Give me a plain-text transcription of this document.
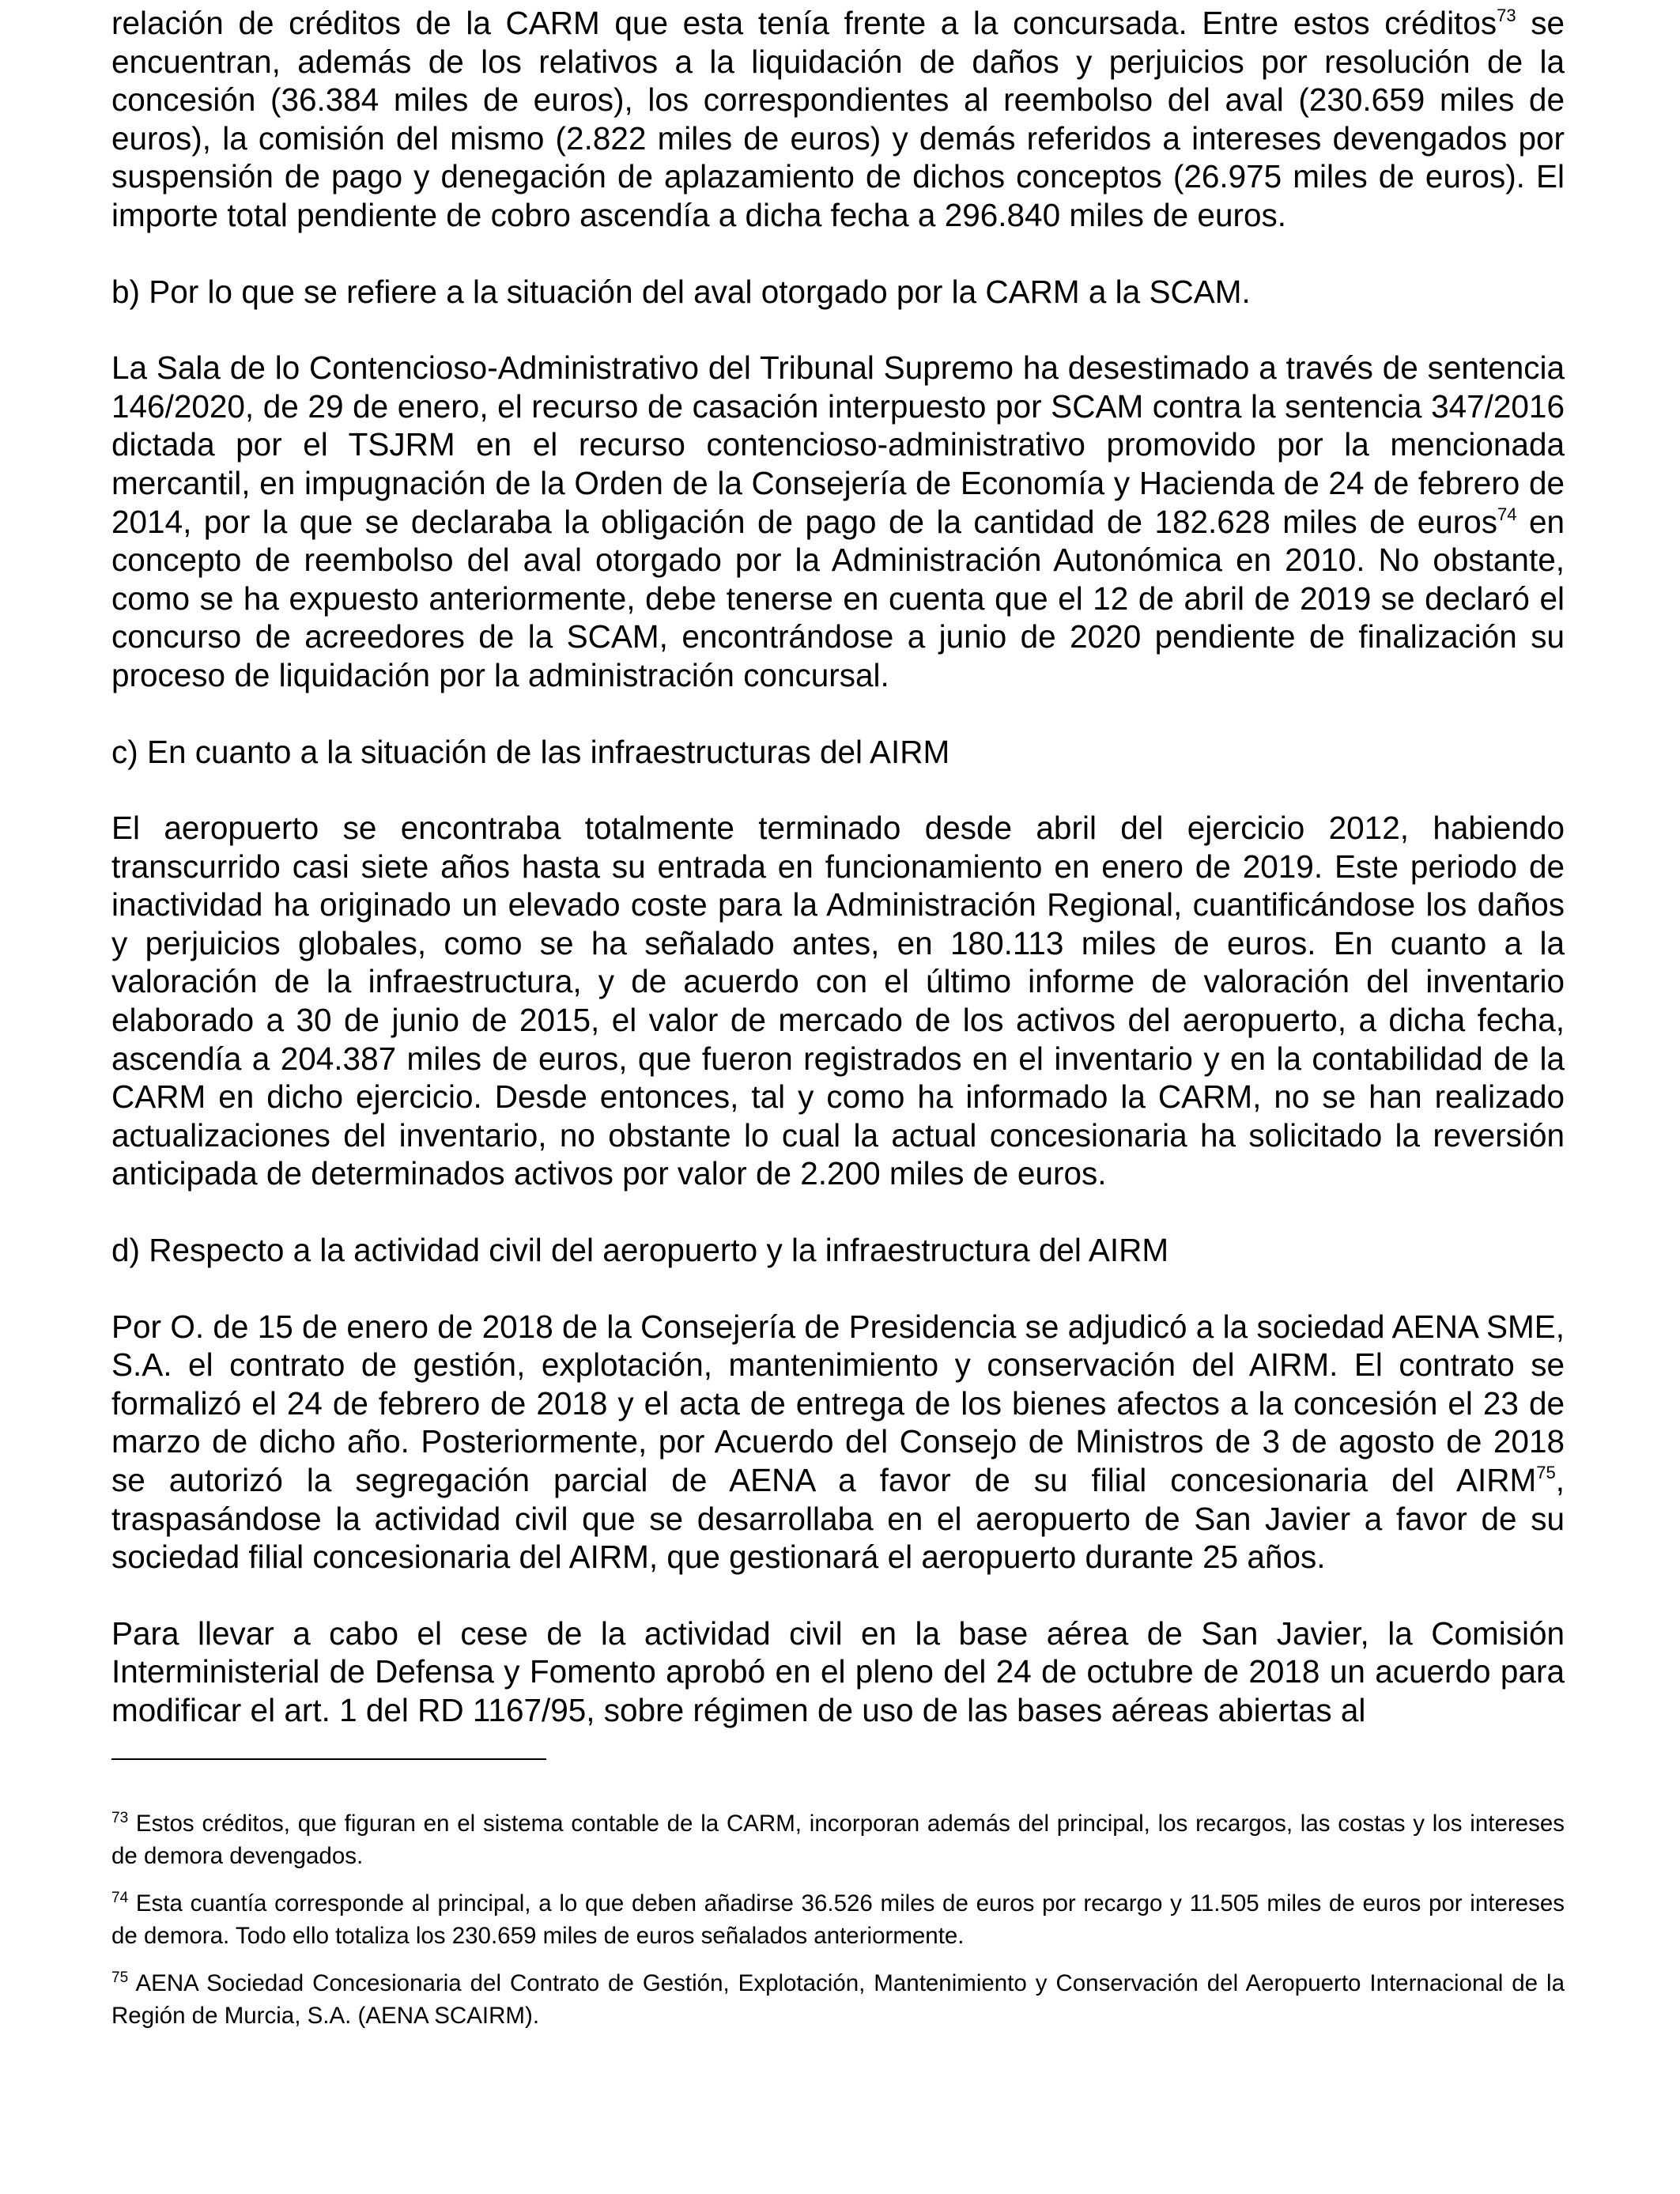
relación de créditos de la CARM que esta tenía frente a la concursada. Entre estos créditos$^{73}$ se encuentran, además de los relativos a la liquidación de daños y perjuicios por resolución de la concesión (36.384 miles de euros), los correspondientes al reembolso del aval (230.659 miles de euros), la comisión del mismo (2.822 miles de euros) y demás referidos a intereses devengados por suspensión de pago y denegación de aplazamiento de dichos conceptos (26.975 miles de euros). El importe total pendiente de cobro ascendía a dicha fecha a 296.840 miles de euros.

b) Por lo que se refiere a la situación del aval otorgado por la CARM a la SCAM.

La Sala de lo Contencioso-Administrativo del Tribunal Supremo ha desestimado a través de sentencia 146/2020, de 29 de enero, el recurso de casación interpuesto por SCAM contra la sentencia 347/2016 dictada por el TSJRM en el recurso contencioso-administrativo promovido por la mencionada mercantil, en impugnación de la Orden de la Consejería de Economía y Hacienda de 24 de febrero de 2014, por la que se declaraba la obligación de pago de la cantidad de 182.628 miles de euros$^{74}$ en concepto de reembolso del aval otorgado por la Administración Autonómica en 2010. No obstante, como se ha expuesto anteriormente, debe tenerse en cuenta que el 12 de abril de 2019 se declaró el concurso de acreedores de la SCAM, encontrándose a junio de 2020 pendiente de finalización su proceso de liquidación por la administración concursal.

c) En cuanto a la situación de las infraestructuras del AIRM

El aeropuerto se encontraba totalmente terminado desde abril del ejercicio 2012, habiendo transcurrido casi siete años hasta su entrada en funcionamiento en enero de 2019. Este periodo de inactividad ha originado un elevado coste para la Administración Regional, cuantificándose los daños y perjuicios globales, como se ha señalado antes, en 180.113 miles de euros. En cuanto a la valoración de la infraestructura, y de acuerdo con el último informe de valoración del inventario elaborado a 30 de junio de 2015, el valor de mercado de los activos del aeropuerto, a dicha fecha, ascendía a 204.387 miles de euros, que fueron registrados en el inventario y en la contabilidad de la CARM en dicho ejercicio. Desde entonces, tal y como ha informado la CARM, no se han realizado actualizaciones del inventario, no obstante lo cual la actual concesionaria ha solicitado la reversión anticipada de determinados activos por valor de 2.200 miles de euros.

d) Respecto a la actividad civil del aeropuerto y la infraestructura del AIRM

Por O. de 15 de enero de 2018 de la Consejería de Presidencia se adjudicó a la sociedad AENA SME, S.A. el contrato de gestión, explotación, mantenimiento y conservación del AIRM. El contrato se formalizó el 24 de febrero de 2018 y el acta de entrega de los bienes afectos a la concesión el 23 de marzo de dicho año. Posteriormente, por Acuerdo del Consejo de Ministros de 3 de agosto de 2018 se autorizó la segregación parcial de AENA a favor de su filial concesionaria del AIRM$^{75}$, traspasándose la actividad civil que se desarrollaba en el aeropuerto de San Javier a favor de su sociedad filial concesionaria del AIRM, que gestionará el aeropuerto durante 25 años.

Para llevar a cabo el cese de la actividad civil en la base aérea de San Javier, la Comisión Interministerial de Defensa y Fomento aprobó en el pleno del 24 de octubre de 2018 un acuerdo para modificar el art. 1 del RD 1167/95, sobre régimen de uso de las bases aéreas abiertas al

$^{73}$ Estos créditos, que figuran en el sistema contable de la CARM, incorporan además del principal, los recargos, las costas y los intereses de demora devengados.

$^{74}$ Esta cuantía corresponde al principal, a lo que deben añadirse 36.526 miles de euros por recargo y 11.505 miles de euros por intereses de demora. Todo ello totaliza los 230.659 miles de euros señalados anteriormente.

$^{75}$ AENA Sociedad Concesionaria del Contrato de Gestión, Explotación, Mantenimiento y Conservación del Aeropuerto Internacional de la Región de Murcia, S.A. (AENA SCAIRM).
